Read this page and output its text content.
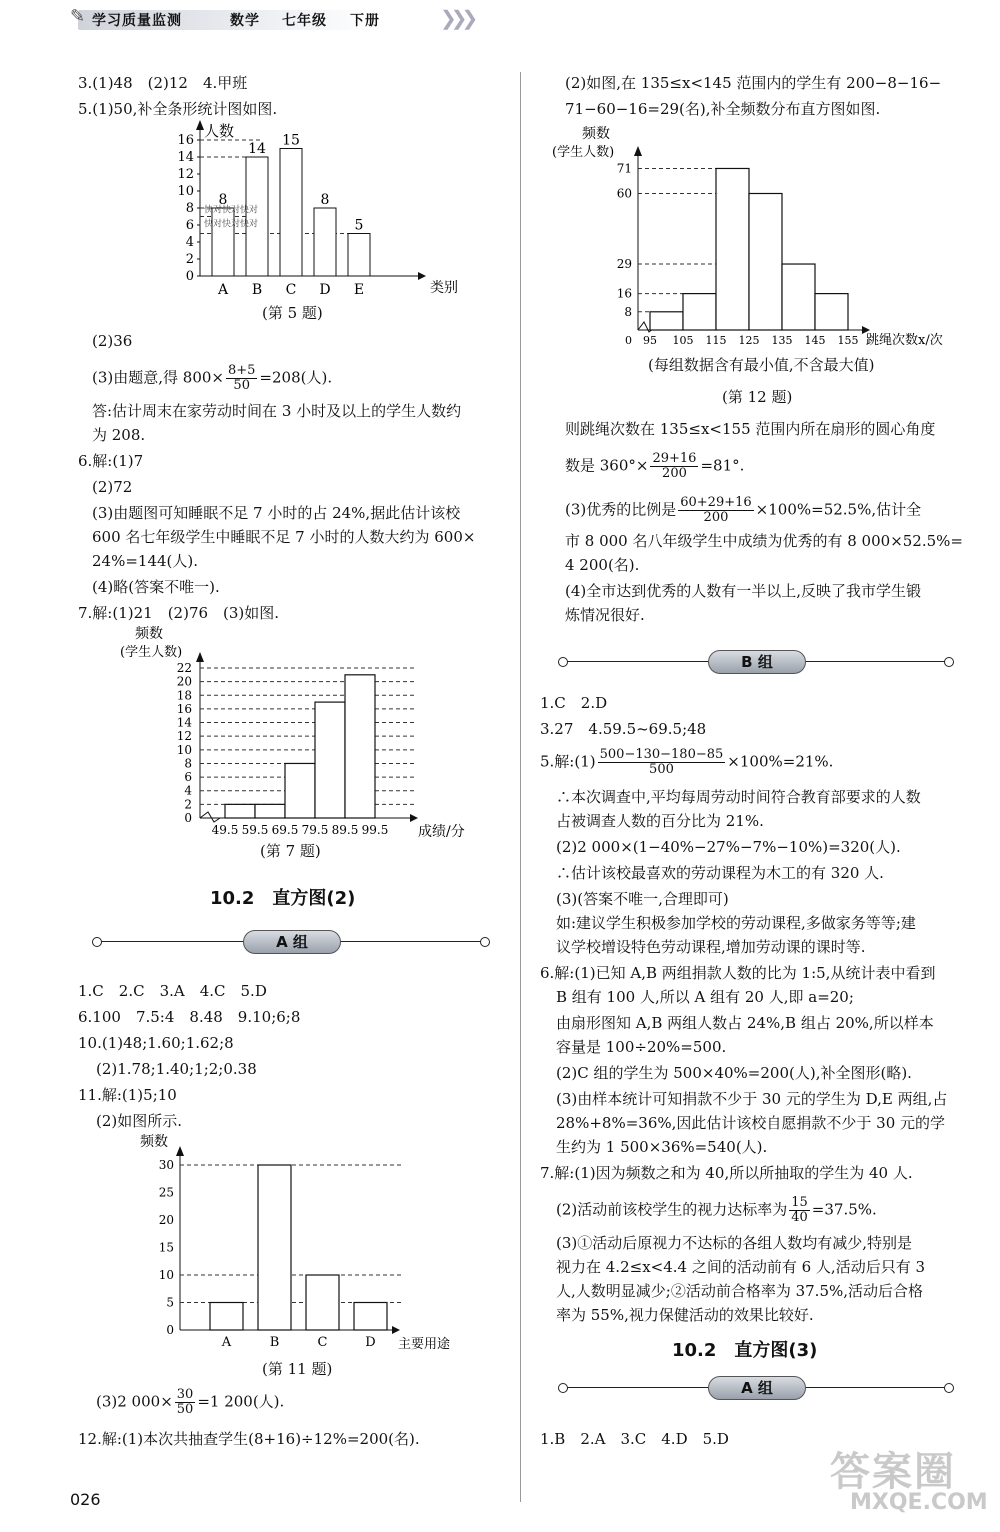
✎ 学习质量监测	数学 七年级 下册	❯❯❯
3.(1)48　(2)12　4.甲班
5.(1)50,补全条形统计图如图.
人数
类别
0
2
4
6
8
10
12
14
16
8
A
14
B
15
C
8
D
5
E
快对快对快对
快对快对快对
(第 5 题)
(2)36
(3)由题意,得 $800\times \frac{8+5}{50} =208$(人).
答:估计周末在家劳动时间在 3 小时及以上的学生人数约
为 208.
6.解:(1)7
(2)72
(3)由题图可知睡眠不足 7 小时的占 24%,据此估计该校
600 名七年级学生中睡眠不足 7 小时的人数大约为 600×
24%=144(人).
(4)略(答案不唯一).
7.解:(1)21　(2)76　(3)如图.
频数
(学生人数)
成绩/分
0
2
4
6
8
10
12
14
16
18
20
22
49.5 59.5 69.5 79.5 89.5 99.5
(第 7 题)
10.2　直方图(2)
A 组
1.C　2.C　3.A　4.C　5.D
6.100　7.5:4　8.48　9.10;6;8
10.(1)48;1.60;1.62;8
(2)1.78;1.40;1;2;0.38
11.解:(1)5;10
(2)如图所示.
频数
主要用途
0
5
10
15
20
25
30
A	B	C	D
(第 11 题)
(3)2 $000\times \frac{30}{50} =1$ 200(人).
12.解:(1)本次共抽查学生(8+16)÷12%=200(名).
(2)如图,在 135≤x<145 范围内的学生有 200−8−16−
71−60−16=29(名),补全频数分布直方图如图.
频数
(学生人数)
跳绳次数x/次
0
8
16
29
60
71
95 105 115 125 135 145 155
(每组数据含有最小值,不含最大值)
(第 12 题)
则跳绳次数在 135≤x<155 范围内所在扇形的圆心角度
数是 $360^\circ\times \frac{29+16}{200} =81^\circ$.
(3)优秀的比例是 $\frac{60+29+16}{200} \times 100\%=52.5\%$,估计全
市 8 000 名八年级学生中成绩为优秀的有 8 000×52.5%=
4 200(名).
(4)全市达到优秀的人数有一半以上,反映了我市学生锻
炼情况很好.
B 组
1.C　2.D
3.27　4.59.5~69.5;48
5.解:(1) $\frac{500-130-180-85}{500} \times 100\%=21\%$.
∴本次调查中,平均每周劳动时间符合教育部要求的人数
占被调查人数的百分比为 21%.
(2)2 000×(1−40%−27%−7%−10%)=320(人).
∴估计该校最喜欢的劳动课程为木工的有 320 人.
(3)(答案不唯一,合理即可)
如:建议学生积极参加学校的劳动课程,多做家务等等;建
议学校增设特色劳动课程,增加劳动课的课时等.
6.解:(1)已知 A,B 两组捐款人数的比为 1:5,从统计表中看到
B 组有 100 人,所以 A 组有 20 人,即 a=20;
由扇形图知 A,B 两组人数占 24%,B 组占 20%,所以样本
容量是 100÷20%=500.
(2)C 组的学生为 500×40%=200(人),补全图形(略).
(3)由样本统计可知捐款不少于 30 元的学生为 D,E 两组,占
28%+8%=36%,因此估计该校自愿捐款不少于 30 元的学
生约为 1 500×36%=540(人).
7.解:(1)因为频数之和为 40,所以所抽取的学生为 40 人.
(2)活动前该校学生的视力达标率为 $\frac{15}{40} =37.5\%$.
(3)①活动后原视力不达标的各组人数均有减少,特别是
视力在 4.2≤x<4.4 之间的活动前有 6 人,活动后只有 3
人,人数明显减少;②活动前合格率为 37.5%,活动后合格
率为 55%,视力保健活动的效果比较好.
10.2　直方图(3)
A 组
1.B　2.A　3.C　4.D　5.D
026
答案圈
MXQE.COM
